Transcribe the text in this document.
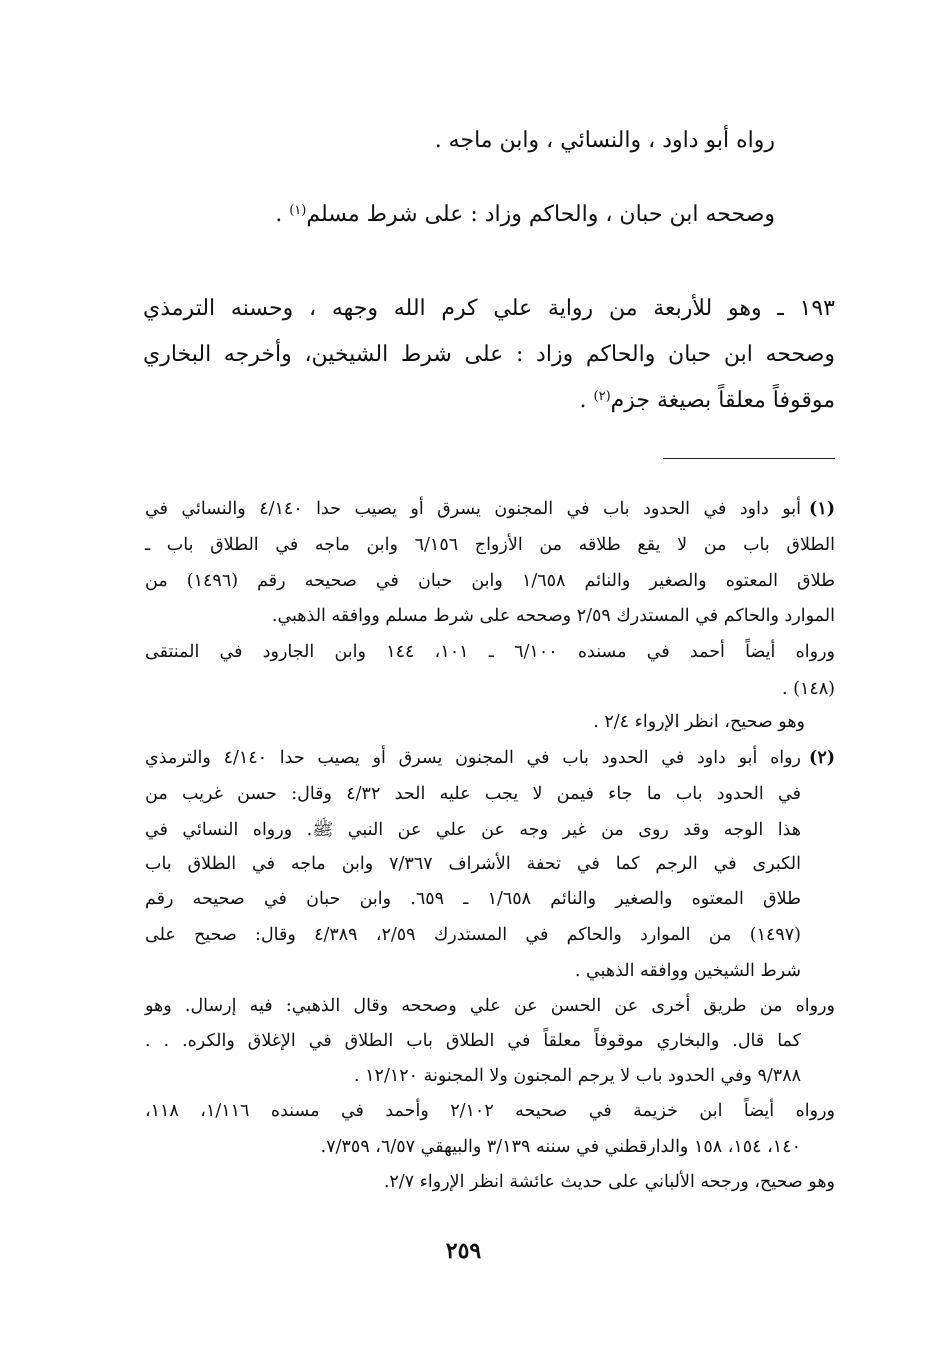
رواه أبو داود ، والنسائي ، وابن ماجه .
وصححه ابن حبان ، والحاكم وزاد : على شرط مسلم$^{(١)}$ .
١٩٣ ـ وهو للأربعة من رواية علي كرم الله وجهه ، وحسنه الترمذي
وصححه ابن حبان والحاكم وزاد : على شرط الشيخين، وأخرجه البخاري
موقوفاً معلقاً بصيغة جزم$^{(٢)}$ .
(١)
أبو داود في الحدود باب في المجنون يسرق أو يصيب حدا ٤/١٤٠ والنسائي في
الطلاق باب من لا يقع طلاقه من الأزواج ٦/١٥٦ وابن ماجه في الطلاق باب ـ
طلاق المعتوه والصغير والنائم ١/٦٥٨ وابن حبان في صحيحه رقم (١٤٩٦) من
الموارد والحاكم في المستدرك ٢/٥٩ وصححه على شرط مسلم ووافقه الذهبي.
ورواه أيضاً أحمد في مسنده ٦/١٠٠ ـ ١٠١، ١٤٤ وابن الجارود في المنتقى
(١٤٨) .
وهو صحيح، انظر الإرواء ٢/٤ .
(٢)
رواه أبو داود في الحدود باب في المجنون يسرق أو يصيب حدا ٤/١٤٠ والترمذي
في الحدود باب ما جاء فيمن لا يجب عليه الحد ٤/٣٢ وقال: حسن غريب من
هذا الوجه وقد روى من غير وجه عن علي عن النبي ﷺ. ورواه النسائي في
الكبرى في الرجم كما في تحفة الأشراف ٧/٣٦٧ وابن ماجه في الطلاق باب
طلاق المعتوه والصغير والنائم ١/٦٥٨ ـ ٦٥٩. وابن حبان في صحيحه رقم
(١٤٩٧) من الموارد والحاكم في المستدرك ٢/٥٩، ٤/٣٨٩ وقال: صحيح على
شرط الشيخين ووافقه الذهبي .
ورواه من طريق أخرى عن الحسن عن علي وصححه وقال الذهبي: فيه إرسال. وهو
كما قال. والبخاري موقوفاً معلقاً في الطلاق باب الطلاق في الإغلاق والكره. . .
٩/٣٨٨ وفي الحدود باب لا يرجم المجنون ولا المجنونة ١٢/١٢٠ .
ورواه أيضاً ابن خزيمة في صحيحه ٢/١٠٢ وأحمد في مسنده ١/١١٦، ١١٨،
١٤٠، ١٥٤، ١٥٨ والدارقطني في سننه ٣/١٣٩ والبيهقي ٦/٥٧، ٧/٣٥٩.
وهو صحيح، ورجحه الألباني على حديث عائشة انظر الإرواء ٢/٧.
٢٥٩
